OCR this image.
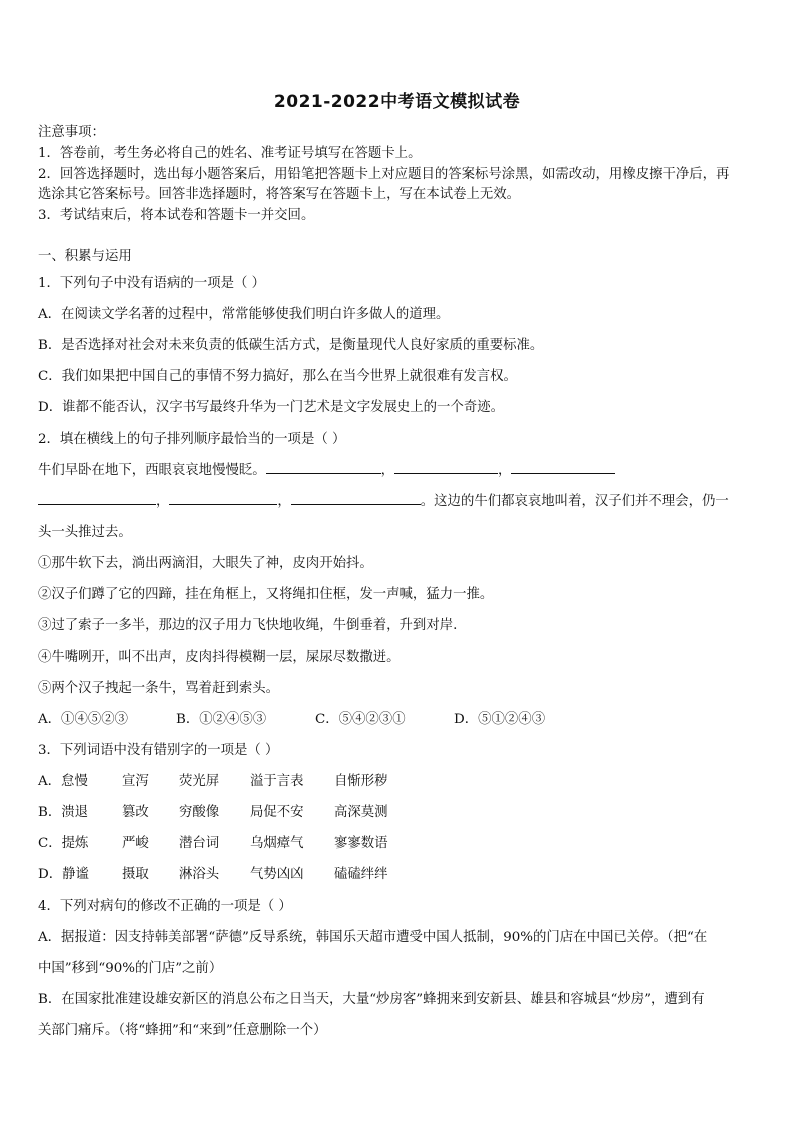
2021-2022中考语文模拟试卷
注意事项：
1．答卷前，考生务必将自己的姓名、准考证号填写在答题卡上。
2．回答选择题时，选出每小题答案后，用铅笔把答题卡上对应题目的答案标号涂黑，如需改动，用橡皮擦干净后，再
选涂其它答案标号。回答非选择题时，将答案写在答题卡上，写在本试卷上无效。
3．考试结束后，将本试卷和答题卡一并交回。
一、积累与运用
1．下列句子中没有语病的一项是（ ）
A．在阅读文学名著的过程中，常常能够使我们明白许多做人的道理。
B．是否选择对社会对未来负责的低碳生活方式，是衡量现代人良好家质的重要标准。
C．我们如果把中国自己的事情不努力搞好，那么在当今世界上就很难有发言权。
D．谁都不能否认，汉字书写最终升华为一门艺术是文字发展史上的一个奇迹。
2．填在横线上的句子排列顺序最恰当的一项是（ ）
牛们早卧在地下，西眼哀哀地慢慢眨。	，	，
，	，	。这边的牛们都哀哀地叫着，汉子们并不理会，仍一
头一头推过去。
①那牛软下去，淌出两滴泪，大眼失了神，皮肉开始抖。
②汉子们蹲了它的四蹄，挂在角框上，又将绳扣住框，发一声喊，猛力一推。
③过了索子一多半，那边的汉子用力飞快地收绳，牛倒垂着，升到对岸.
④牛嘴咧开，叫不出声，皮肉抖得模糊一层，屎尿尽数撒迸。
⑤两个汉子拽起一条牛，骂着赶到索头。
A．①④⑤②③	B．①②④⑤③	C．⑤④②③①	D．⑤①②④③
3．下列词语中没有错别字的一项是（ ）
A．怠慢	宣泻 荧光屏 溢于言表 自惭形秽
B．溃退	篡改 穷酸像 局促不安 高深莫测
C．提炼	严峻 潜台词 乌烟瘴气 寥寥数语
D．静谧 摄取 淋浴头 气势凶凶 磕磕绊绊
4．下列对病句的修改不正确的一项是（ ）
A．据报道：因支持韩美部署“萨德”反导系统，韩国乐天超市遭受中国人抵制，90%的门店在中国已关停。（把“在
中国”移到“90%的门店”之前）
B．在国家批准建设雄安新区的消息公布之日当天，大量“炒房客”蜂拥来到安新县、雄县和容城县“炒房”，遭到有
关部门痛斥。（将“蜂拥”和“来到”任意删除一个）
